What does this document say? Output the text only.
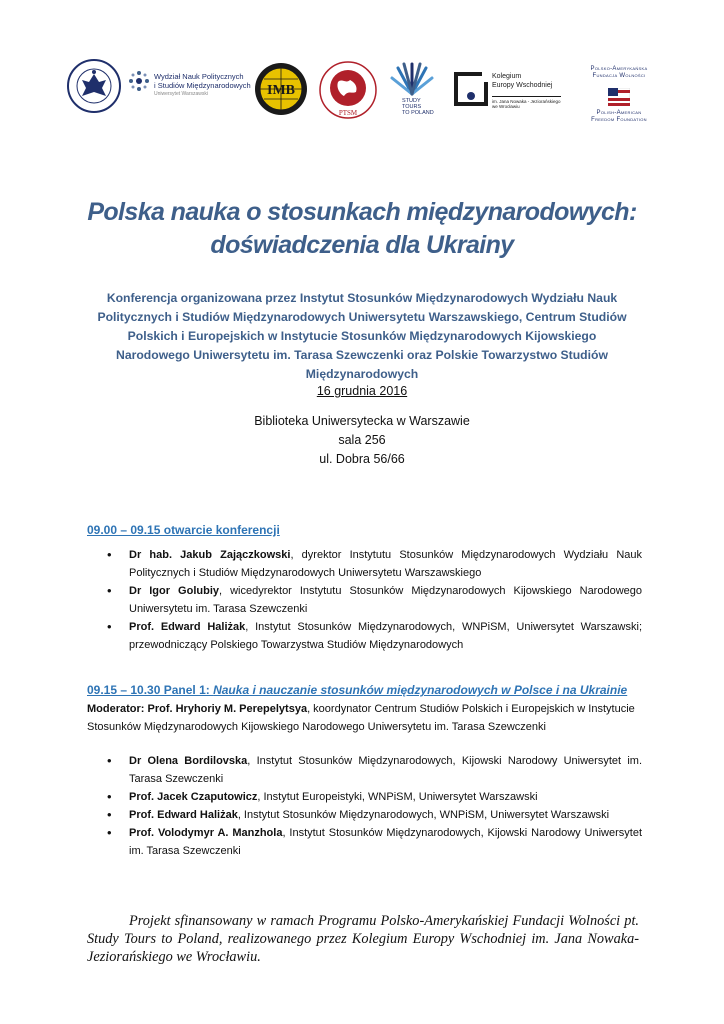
Wydział Nauk Politycznych
i Studiów Międzynarodowych
Uniwersytet Warszawski	IMB
PTSM
STUDY
TOURS
TO POLAND
Kolegium
Europy Wschodniej
im. Jana Nowaka - Jeziorańskiego
we Wrocławiu
Polsko-Amerykańska
Fundacja Wolności
Polish-American
Freedom Foundation
Polska nauka o stosunkach międzynarodowych:
doświadczenia dla Ukrainy
Konferencja organizowana przez Instytut Stosunków Międzynarodowych Wydziału Nauk Politycznych i Studiów Międzynarodowych Uniwersytetu Warszawskiego, Centrum Studiów Polskich i Europejskich w Instytucie Stosunków Międzynarodowych Kijowskiego Narodowego Uniwersytetu im. Tarasa Szewczenki oraz Polskie Towarzystwo Studiów Międzynarodowych
16 grudnia 2016
Biblioteka Uniwersytecka w Warszawie
sala 256
ul. Dobra 56/66
09.00 – 09.15 otwarcie konferencji
• Dr hab. Jakub Zajączkowski, dyrektor Instytutu Stosunków Międzynarodowych Wydziału Nauk Politycznych i Studiów Międzynarodowych Uniwersytetu Warszawskiego
• Dr Igor Golubiy, wicedyrektor Instytutu Stosunków Międzynarodowych Kijowskiego Narodowego Uniwersytetu im. Tarasa Szewczenki
• Prof. Edward Haliżak, Instytut Stosunków Międzynarodowych, WNPiSM, Uniwersytet Warszawski; przewodniczący Polskiego Towarzystwa Studiów Międzynarodowych
09.15 – 10.30 Panel 1: Nauka i nauczanie stosunków międzynarodowych w Polsce i na Ukrainie
Moderator: Prof. Hryhoriy M. Perepelytsya, koordynator Centrum Studiów Polskich i Europejskich w Instytucie Stosunków Międzynarodowych Kijowskiego Narodowego Uniwersytetu im. Tarasa Szewczenki
• Dr Olena Bordilovska, Instytut Stosunków Międzynarodowych, Kijowski Narodowy Uniwersytet im. Tarasa Szewczenki
• Prof. Jacek Czaputowicz, Instytut Europeistyki, WNPiSM, Uniwersytet Warszawski
• Prof. Edward Haliżak, Instytut Stosunków Międzynarodowych, WNPiSM, Uniwersytet Warszawski
• Prof. Volodymyr A. Manzhola, Instytut Stosunków Międzynarodowych, Kijowski Narodowy Uniwersytet im. Tarasa Szewczenki
Projekt sfinansowany w ramach Programu Polsko-Amerykańskiej Fundacji Wolności pt. Study Tours to Poland, realizowanego przez Kolegium Europy Wschodniej im. Jana Nowaka-Jeziorańskiego we Wrocławiu.
